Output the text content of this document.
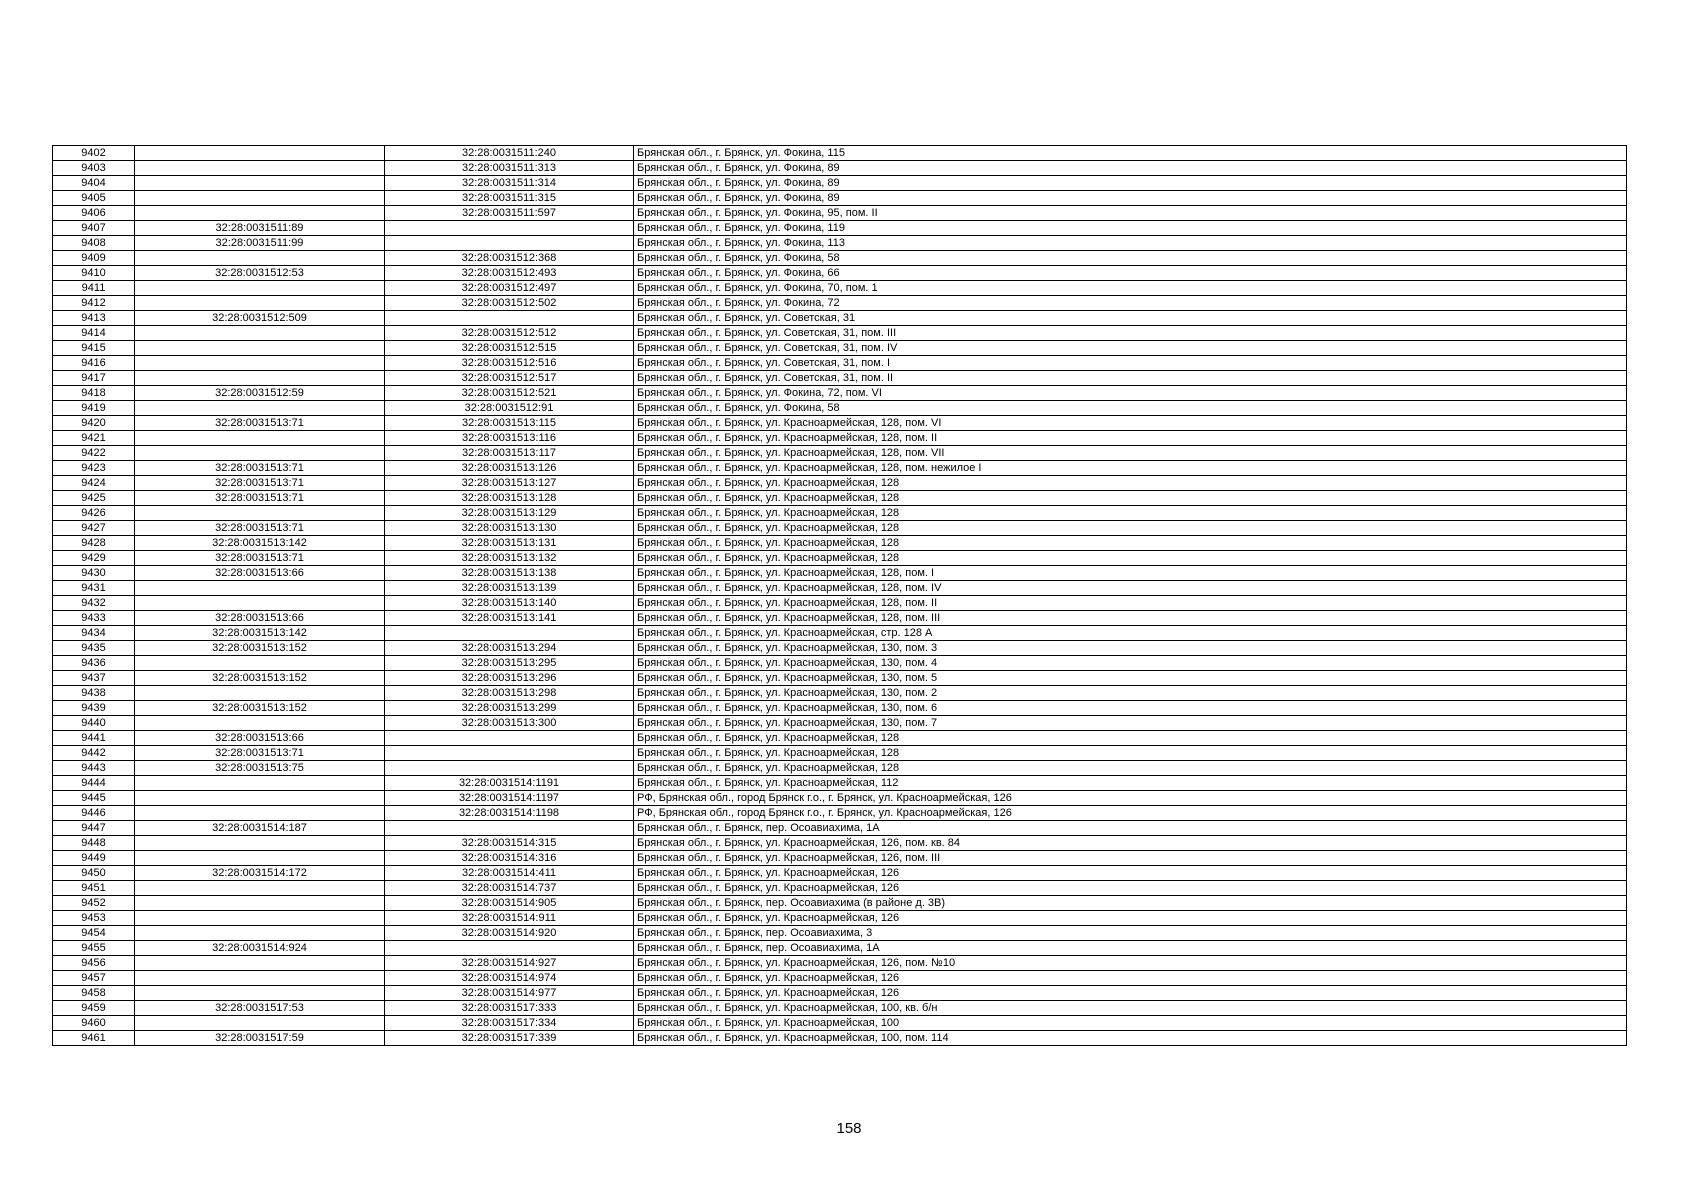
9402		32:28:0031511:240	Брянская обл., г. Брянск, ул. Фокина, 115
9403		32:28:0031511:313	Брянская обл., г. Брянск, ул. Фокина, 89
9404		32:28:0031511:314	Брянская обл., г. Брянск, ул. Фокина, 89
9405		32:28:0031511:315	Брянская обл., г. Брянск, ул. Фокина, 89
9406		32:28:0031511:597	Брянская обл., г. Брянск, ул. Фокина, 95, пом. II
9407	32:28:0031511:89		Брянская обл., г. Брянск, ул. Фокина, 119
9408	32:28:0031511:99		Брянская обл., г. Брянск, ул. Фокина, 113
9409		32:28:0031512:368	Брянская обл., г. Брянск, ул. Фокина, 58
9410	32:28:0031512:53	32:28:0031512:493	Брянская обл., г. Брянск, ул. Фокина, 66
9411		32:28:0031512:497	Брянская обл., г. Брянск, ул. Фокина, 70, пом. 1
9412		32:28:0031512:502	Брянская обл., г. Брянск, ул. Фокина, 72
9413	32:28:0031512:509		Брянская обл., г. Брянск, ул. Советская, 31
9414		32:28:0031512:512	Брянская обл., г. Брянск, ул. Советская, 31, пом. III
9415		32:28:0031512:515	Брянская обл., г. Брянск, ул. Советская, 31, пом. IV
9416		32:28:0031512:516	Брянская обл., г. Брянск, ул. Советская, 31, пом. I
9417		32:28:0031512:517	Брянская обл., г. Брянск, ул. Советская, 31, пом. II
9418	32:28:0031512:59	32:28:0031512:521	Брянская обл., г. Брянск, ул. Фокина, 72, пом. VI
9419		32:28:0031512:91	Брянская обл., г. Брянск, ул. Фокина, 58
9420	32:28:0031513:71	32:28:0031513:115	Брянская обл., г. Брянск, ул. Красноармейская, 128, пом. VI
9421		32:28:0031513:116	Брянская обл., г. Брянск, ул. Красноармейская, 128, пом. II
9422		32:28:0031513:117	Брянская обл., г. Брянск, ул. Красноармейская, 128, пом. VII
9423	32:28:0031513:71	32:28:0031513:126	Брянская обл., г. Брянск, ул. Красноармейская, 128, пом. нежилое I
9424	32:28:0031513:71	32:28:0031513:127	Брянская обл., г. Брянск, ул. Красноармейская, 128
9425	32:28:0031513:71	32:28:0031513:128	Брянская обл., г. Брянск, ул. Красноармейская, 128
9426		32:28:0031513:129	Брянская обл., г. Брянск, ул. Красноармейская, 128
9427	32:28:0031513:71	32:28:0031513:130	Брянская обл., г. Брянск, ул. Красноармейская, 128
9428	32:28:0031513:142	32:28:0031513:131	Брянская обл., г. Брянск, ул. Красноармейская, 128
9429	32:28:0031513:71	32:28:0031513:132	Брянская обл., г. Брянск, ул. Красноармейская, 128
9430	32:28:0031513:66	32:28:0031513:138	Брянская обл., г. Брянск, ул. Красноармейская, 128, пом. I
9431		32:28:0031513:139	Брянская обл., г. Брянск, ул. Красноармейская, 128, пом. IV
9432		32:28:0031513:140	Брянская обл., г. Брянск, ул. Красноармейская, 128, пом. II
9433	32:28:0031513:66	32:28:0031513:141	Брянская обл., г. Брянск, ул. Красноармейская, 128, пом. III
9434	32:28:0031513:142		Брянская обл., г. Брянск, ул. Красноармейская, стр. 128 А
9435	32:28:0031513:152	32:28:0031513:294	Брянская обл., г. Брянск, ул. Красноармейская, 130, пом. 3
9436		32:28:0031513:295	Брянская обл., г. Брянск, ул. Красноармейская, 130, пом. 4
9437	32:28:0031513:152	32:28:0031513:296	Брянская обл., г. Брянск, ул. Красноармейская, 130, пом. 5
9438		32:28:0031513:298	Брянская обл., г. Брянск, ул. Красноармейская, 130, пом. 2
9439	32:28:0031513:152	32:28:0031513:299	Брянская обл., г. Брянск, ул. Красноармейская, 130, пом. 6
9440		32:28:0031513:300	Брянская обл., г. Брянск, ул. Красноармейская, 130, пом. 7
9441	32:28:0031513:66		Брянская обл., г. Брянск, ул. Красноармейская, 128
9442	32:28:0031513:71		Брянская обл., г. Брянск, ул. Красноармейская, 128
9443	32:28:0031513:75		Брянская обл., г. Брянск, ул. Красноармейская, 128
9444		32:28:0031514:1191	Брянская обл., г. Брянск, ул. Красноармейская, 112
9445		32:28:0031514:1197	РФ, Брянская обл., город Брянск г.о., г. Брянск, ул. Красноармейская, 126
9446		32:28:0031514:1198	РФ, Брянская обл., город Брянск г.о., г. Брянск, ул. Красноармейская, 126
9447	32:28:0031514:187		Брянская обл., г. Брянск, пер. Осоавиахима, 1А
9448		32:28:0031514:315	Брянская обл., г. Брянск, ул. Красноармейская, 126, пом. кв. 84
9449		32:28:0031514:316	Брянская обл., г. Брянск, ул. Красноармейская, 126, пом. III
9450	32:28:0031514:172	32:28:0031514:411	Брянская обл., г. Брянск, ул. Красноармейская, 126
9451		32:28:0031514:737	Брянская обл., г. Брянск, ул. Красноармейская, 126
9452		32:28:0031514:905	Брянская обл., г. Брянск, пер. Осоавиахима (в районе д. 3В)
9453		32:28:0031514:911	Брянская обл., г. Брянск, ул. Красноармейская, 126
9454		32:28:0031514:920	Брянская обл., г. Брянск, пер. Осоавиахима, 3
9455	32:28:0031514:924		Брянская обл., г. Брянск, пер. Осоавиахима, 1А
9456		32:28:0031514:927	Брянская обл., г. Брянск, ул. Красноармейская, 126, пом. №10
9457		32:28:0031514:974	Брянская обл., г. Брянск, ул. Красноармейская, 126
9458		32:28:0031514:977	Брянская обл., г. Брянск, ул. Красноармейская, 126
9459	32:28:0031517:53	32:28:0031517:333	Брянская обл., г. Брянск, ул. Красноармейская, 100, кв. б/н
9460		32:28:0031517:334	Брянская обл., г. Брянск, ул. Красноармейская, 100
9461	32:28:0031517:59	32:28:0031517:339	Брянская обл., г. Брянск, ул. Красноармейская, 100, пом. 114
158
